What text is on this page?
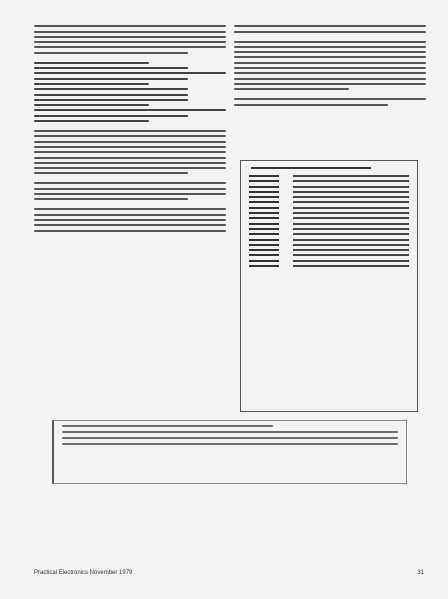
Practical Electronics November 1979	31
